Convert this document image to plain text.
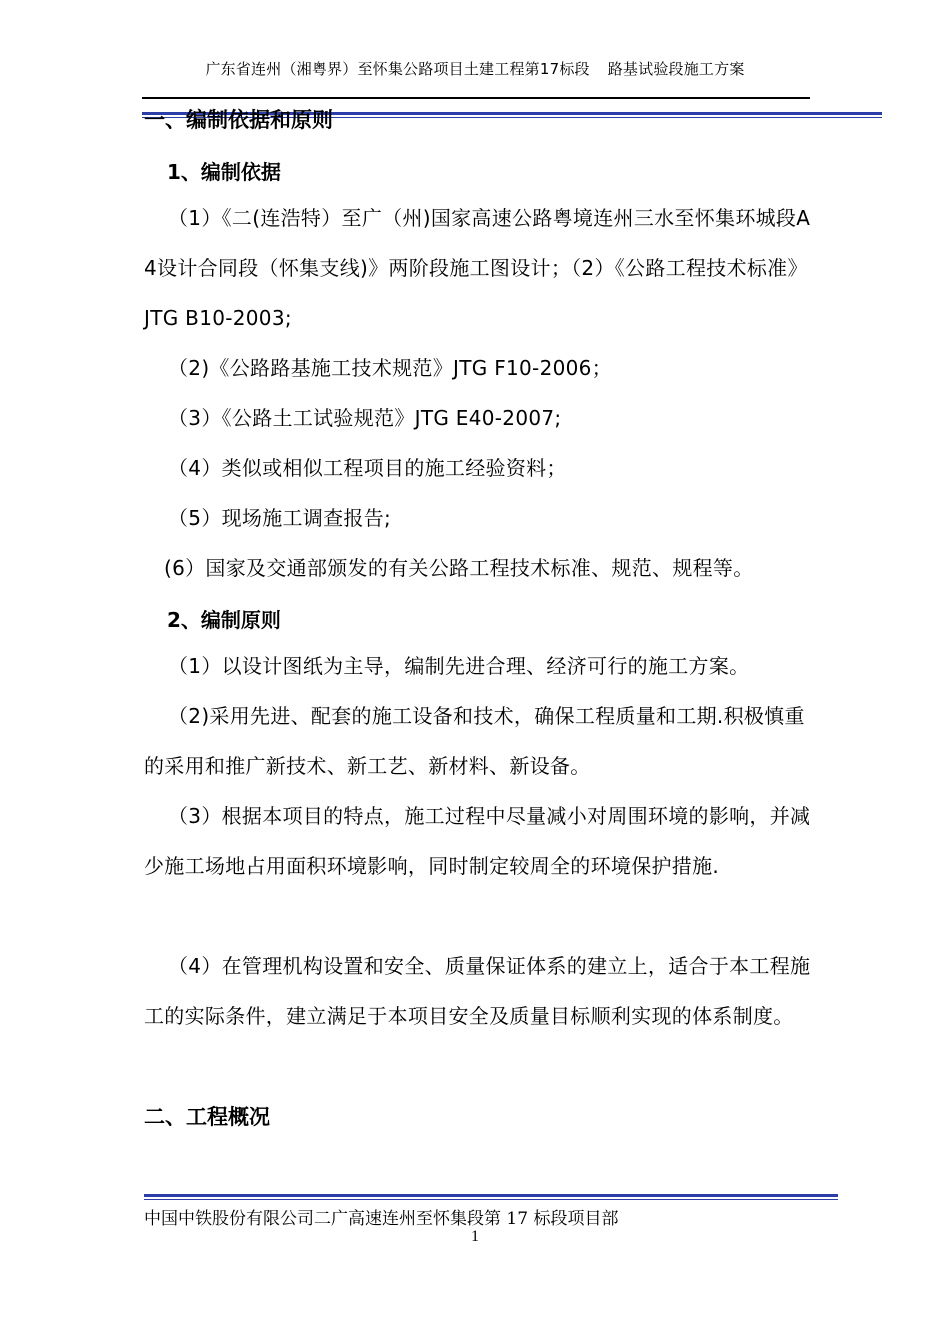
广东省连州（湘粤界）至怀集公路项目土建工程第17标段 路基试验段施工方案
一、编制依据和原则
1、编制依据
（1）《二(连浩特）至广（州)国家高速公路粤境连州三水至怀集环城段A4设计合同段（怀集支线)》两阶段施工图设计；（2）《公路工程技术标准》JTG B10-2003;
（2)《公路路基施工技术规范》JTG F10-2006；
（3）《公路土工试验规范》JTG E40-2007;
（4）类似或相似工程项目的施工经验资料；
（5）现场施工调查报告;
(6）国家及交通部颁发的有关公路工程技术标准、规范、规程等。
2、编制原则
（1）以设计图纸为主导，编制先进合理、经济可行的施工方案。
（2)采用先进、配套的施工设备和技术，确保工程质量和工期.积极慎重的采用和推广新技术、新工艺、新材料、新设备。
（3）根据本项目的特点，施工过程中尽量减小对周围环境的影响，并减少施工场地占用面积环境影响，同时制定较周全的环境保护措施.
（4）在管理机构设置和安全、质量保证体系的建立上，适合于本工程施工的实际条件，建立满足于本项目安全及质量目标顺利实现的体系制度。
二、工程概况
中国中铁股份有限公司二广高速连州至怀集段第 17 标段项目部
1
